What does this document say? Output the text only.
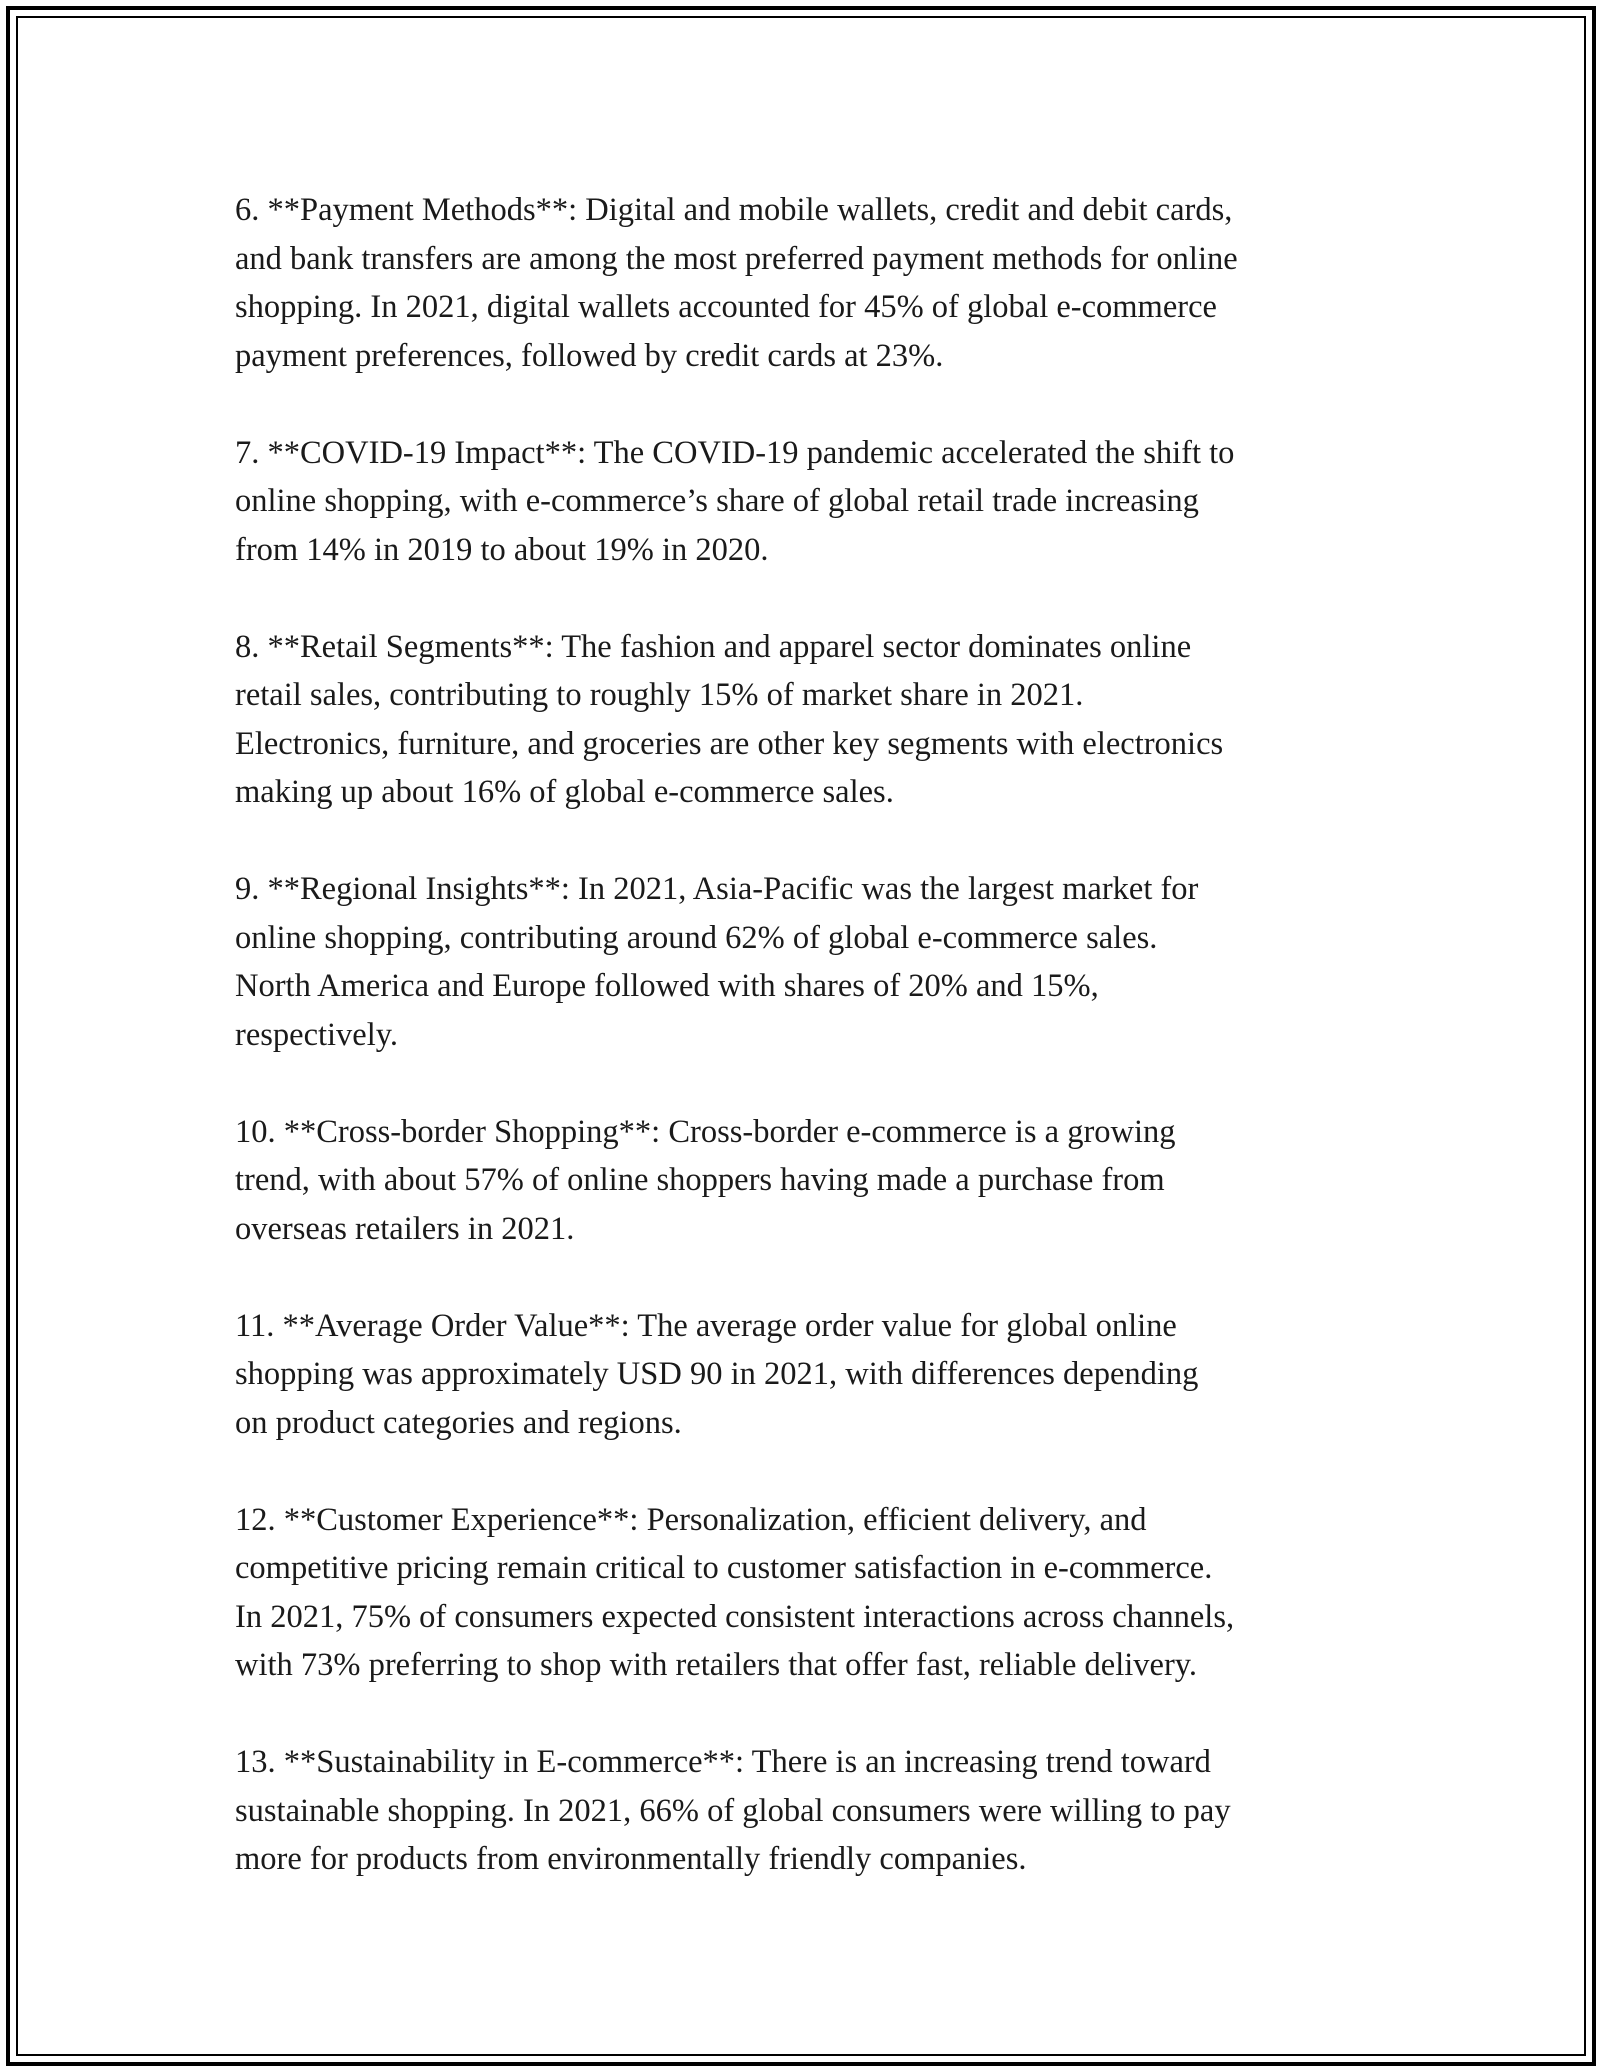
6. **Payment Methods**: Digital and mobile wallets, credit and debit cards,
and bank transfers are among the most preferred payment methods for online
shopping. In 2021, digital wallets accounted for 45% of global e-commerce
payment preferences, followed by credit cards at 23%.
7. **COVID-19 Impact**: The COVID-19 pandemic accelerated the shift to
online shopping, with e-commerce’s share of global retail trade increasing
from 14% in 2019 to about 19% in 2020.
8. **Retail Segments**: The fashion and apparel sector dominates online
retail sales, contributing to roughly 15% of market share in 2021.
Electronics, furniture, and groceries are other key segments with electronics
making up about 16% of global e-commerce sales.
9. **Regional Insights**: In 2021, Asia-Pacific was the largest market for
online shopping, contributing around 62% of global e-commerce sales.
North America and Europe followed with shares of 20% and 15%,
respectively.
10. **Cross-border Shopping**: Cross-border e-commerce is a growing
trend, with about 57% of online shoppers having made a purchase from
overseas retailers in 2021.
11. **Average Order Value**: The average order value for global online
shopping was approximately USD 90 in 2021, with differences depending
on product categories and regions.
12. **Customer Experience**: Personalization, efficient delivery, and
competitive pricing remain critical to customer satisfaction in e-commerce.
In 2021, 75% of consumers expected consistent interactions across channels,
with 73% preferring to shop with retailers that offer fast, reliable delivery.
13. **Sustainability in E-commerce**: There is an increasing trend toward
sustainable shopping. In 2021, 66% of global consumers were willing to pay
more for products from environmentally friendly companies.
